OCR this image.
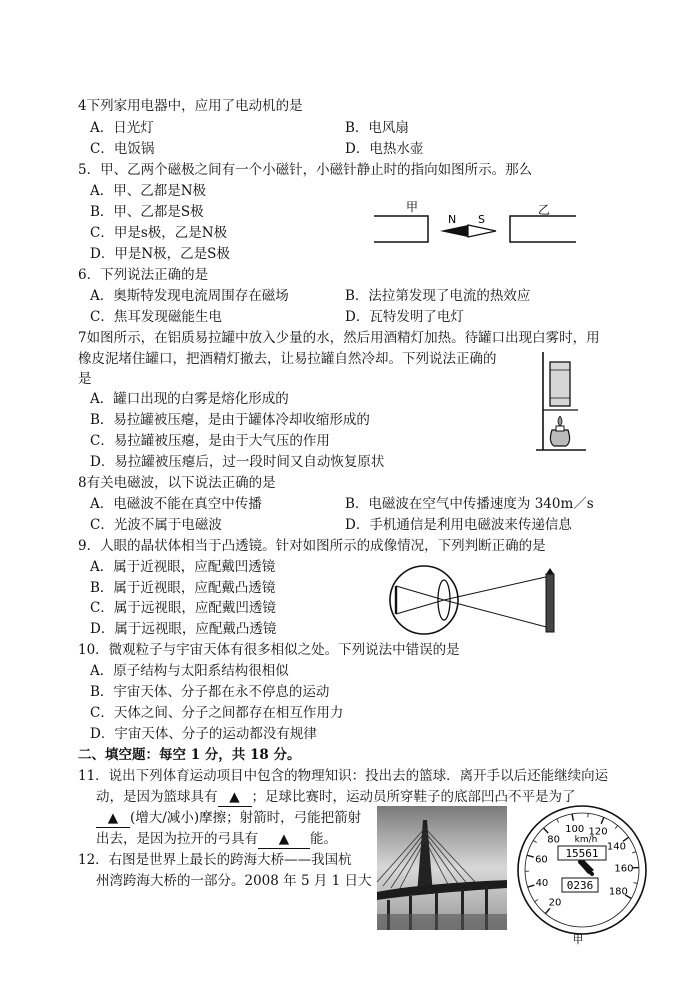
4下列家用电器中，应用了电动机的是
A．日光灯	B．电风扇
C．电饭锅	D．电热水壶
5．甲、乙两个磁极之间有一个小磁针，小磁针静止时的指向如图所示。那么
A．甲、乙都是N极
B．甲、乙都是S极
C．甲是s极，乙是N极
D．甲是N极，乙是S极
甲	乙
N S
6．下列说法正确的是
A．奥斯特发现电流周围存在磁场	B．法拉第发现了电流的热效应
C．焦耳发现磁能生电	D．瓦特发明了电灯
7如图所示，在铝质易拉罐中放入少量的水，然后用酒精灯加热。待罐口出现白雾时，用
橡皮泥堵住罐口，把酒精灯撤去，让易拉罐自然冷却。下列说法正确的
是
A．罐口出现的白雾是熔化形成的
B．易拉罐被压瘪，是由于罐体冷却收缩形成的
C．易拉罐被压瘪，是由于大气压的作用
D．易拉罐被压瘪后，过一段时间又自动恢复原状
8有关电磁波，以下说法正确的是
A．电磁波不能在真空中传播	B．电磁波在空气中传播速度为 340m／s
C．光波不属于电磁波	D．手机通信是利用电磁波来传递信息
9．人眼的晶状体相当于凸透镜。针对如图所示的成像情况，下列判断正确的是
A．属于近视眼，应配戴凹透镜
B．属于近视眼，应配戴凸透镜
C．属于远视眼，应配戴凹透镜
D．属于远视眼，应配戴凸透镜
10．微观粒子与宇宙天体有很多相似之处。下列说法中错误的是
A．原子结构与太阳系结构很相似
B．宇宙天体、分子都在永不停息的运动
C．天体之间、分子之间都存在相互作用力
D．宇宙天体、分子的运动都没有规律
二、填空题：每空 1 分，共 18 分。
11．说出下列体育运动项目中包含的物理知识：投出去的篮球．离开手以后还能继续向运
动，是因为篮球具有 ▲ ；足球比赛时，运动员所穿鞋子的底部凹凸不平是为了
▲ (增大/减小)摩擦；射箭时，弓能把箭射
出去，是因为拉开的弓具有 ▲ 能。
12．右图是世界上最长的跨海大桥——我国杭
州湾跨海大桥的一部分。2008 年 5 月 1 日大
20
40
60
80
100 120
140
160
180
km/h
15561
0236
甲
